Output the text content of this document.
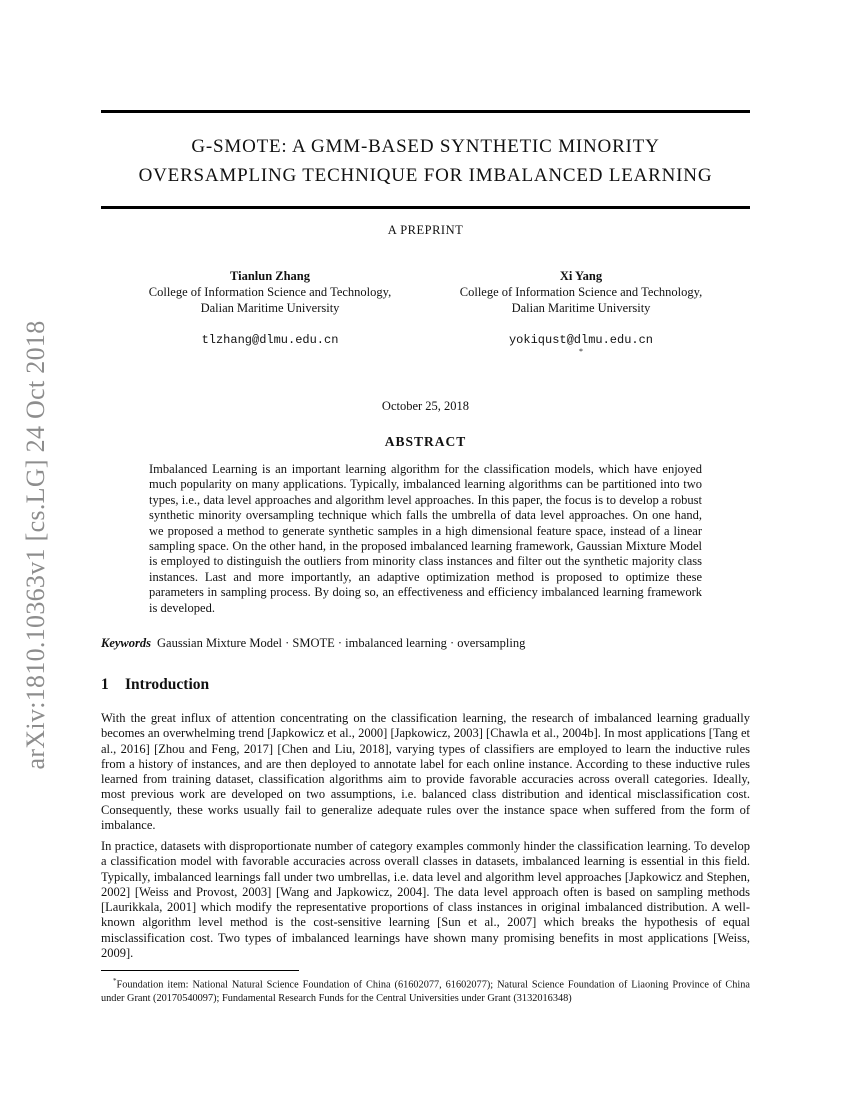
arXiv:1810.10363v1 [cs.LG] 24 Oct 2018
G-SMOTE: A GMM-BASED SYNTHETIC MINORITY
OVERSAMPLING TECHNIQUE FOR IMBALANCED LEARNING
A PREPRINT
Tianlun Zhang
College of Information Science and Technology,
Dalian Maritime University
tlzhang@dlmu.edu.cn
Xi Yang
College of Information Science and Technology,
Dalian Maritime University
yokiqust@dlmu.edu.cn
*
October 25, 2018
ABSTRACT
Imbalanced Learning is an important learning algorithm for the classification models, which have enjoyed much popularity on many applications. Typically, imbalanced learning algorithms can be partitioned into two types, i.e., data level approaches and algorithm level approaches. In this paper, the focus is to develop a robust synthetic minority oversampling technique which falls the umbrella of data level approaches. On one hand, we proposed a method to generate synthetic samples in a high dimensional feature space, instead of a linear sampling space. On the other hand, in the proposed imbalanced learning framework, Gaussian Mixture Model is employed to distinguish the outliers from minority class instances and filter out the synthetic majority class instances. Last and more importantly, an adaptive optimization method is proposed to optimize these parameters in sampling process. By doing so, an effectiveness and efficiency imbalanced learning framework is developed.
Keywords Gaussian Mixture Model · SMOTE · imbalanced learning · oversampling
1 Introduction
With the great influx of attention concentrating on the classification learning, the research of imbalanced learning gradually becomes an overwhelming trend [Japkowicz et al., 2000] [Japkowicz, 2003] [Chawla et al., 2004b]. In most applications [Tang et al., 2016] [Zhou and Feng, 2017] [Chen and Liu, 2018], varying types of classifiers are employed to learn the inductive rules from a history of instances, and are then deployed to annotate label for each online instance. According to these inductive rules learned from training dataset, classification algorithms aim to provide favorable accuracies across overall categories. Ideally, most previous work are developed on two assumptions, i.e. balanced class distribution and identical misclassification cost. Consequently, these works usually fail to generalize adequate rules over the instance space when suffered from the form of imbalance.
In practice, datasets with disproportionate number of category examples commonly hinder the classification learning. To develop a classification model with favorable accuracies across overall classes in datasets, imbalanced learning is essential in this field. Typically, imbalanced learnings fall under two umbrellas, i.e. data level and algorithm level approaches [Japkowicz and Stephen, 2002] [Weiss and Provost, 2003] [Wang and Japkowicz, 2004]. The data level approach often is based on sampling methods [Laurikkala, 2001] which modify the representative proportions of class instances in original imbalanced distribution. A well-known algorithm level method is the cost-sensitive learning [Sun et al., 2007] which breaks the hypothesis of equal misclassification cost. Two types of imbalanced learnings have shown many promising benefits in most applications [Weiss, 2009].
*Foundation item: National Natural Science Foundation of China (61602077, 61602077); Natural Science Foundation of Liaoning Province of China under Grant (20170540097); Fundamental Research Funds for the Central Universities under Grant (3132016348)
